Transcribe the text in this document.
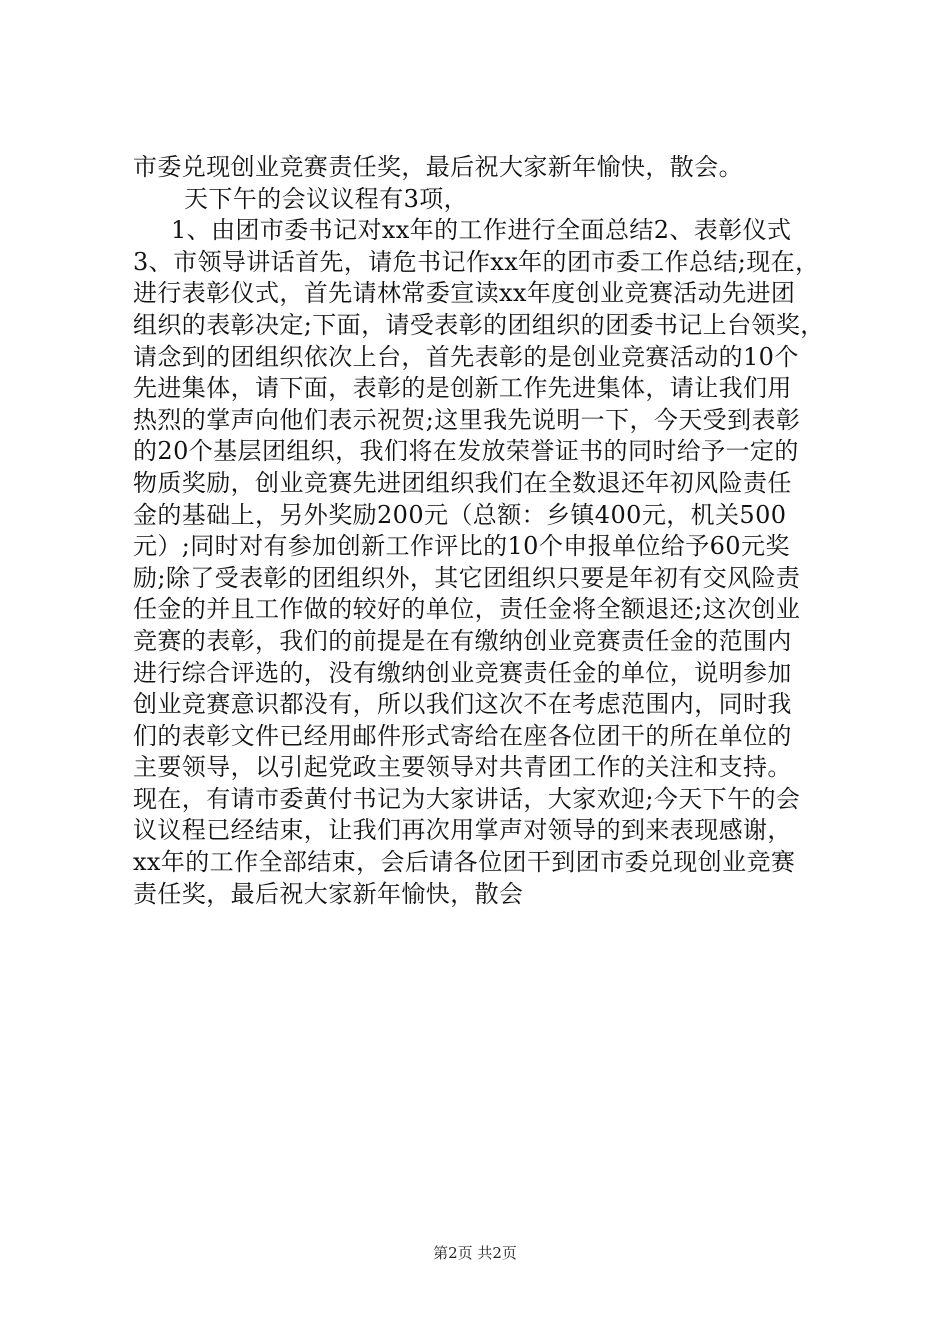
市委兑现创业竞赛责任奖，最后祝大家新年愉快，散会。
天下午的会议议程有3项，
1、由团市委书记对xx年的工作进行全面总结2、表彰仪式
3、市领导讲话首先，请危书记作xx年的团市委工作总结;现在，
进行表彰仪式，首先请林常委宣读xx年度创业竞赛活动先进团
组织的表彰决定;下面，请受表彰的团组织的团委书记上台领奖，
请念到的团组织依次上台，首先表彰的是创业竞赛活动的10个
先进集体，请下面，表彰的是创新工作先进集体，请让我们用
热烈的掌声向他们表示祝贺;这里我先说明一下，今天受到表彰
的20个基层团组织，我们将在发放荣誉证书的同时给予一定的
物质奖励，创业竞赛先进团组织我们在全数退还年初风险责任
金的基础上，另外奖励200元（总额：乡镇400元，机关500
元）;同时对有参加创新工作评比的10个申报单位给予60元奖
励;除了受表彰的团组织外，其它团组织只要是年初有交风险责
任金的并且工作做的较好的单位，责任金将全额退还;这次创业
竞赛的表彰，我们的前提是在有缴纳创业竞赛责任金的范围内
进行综合评选的，没有缴纳创业竞赛责任金的单位，说明参加
创业竞赛意识都没有，所以我们这次不在考虑范围内，同时我
们的表彰文件已经用邮件形式寄给在座各位团干的所在单位的
主要领导，以引起党政主要领导对共青团工作的关注和支持。
现在，有请市委黄付书记为大家讲话，大家欢迎;今天下午的会
议议程已经结束，让我们再次用掌声对领导的到来表现感谢，
xx年的工作全部结束，会后请各位团干到团市委兑现创业竞赛
责任奖，最后祝大家新年愉快，散会
第2页 共2页
